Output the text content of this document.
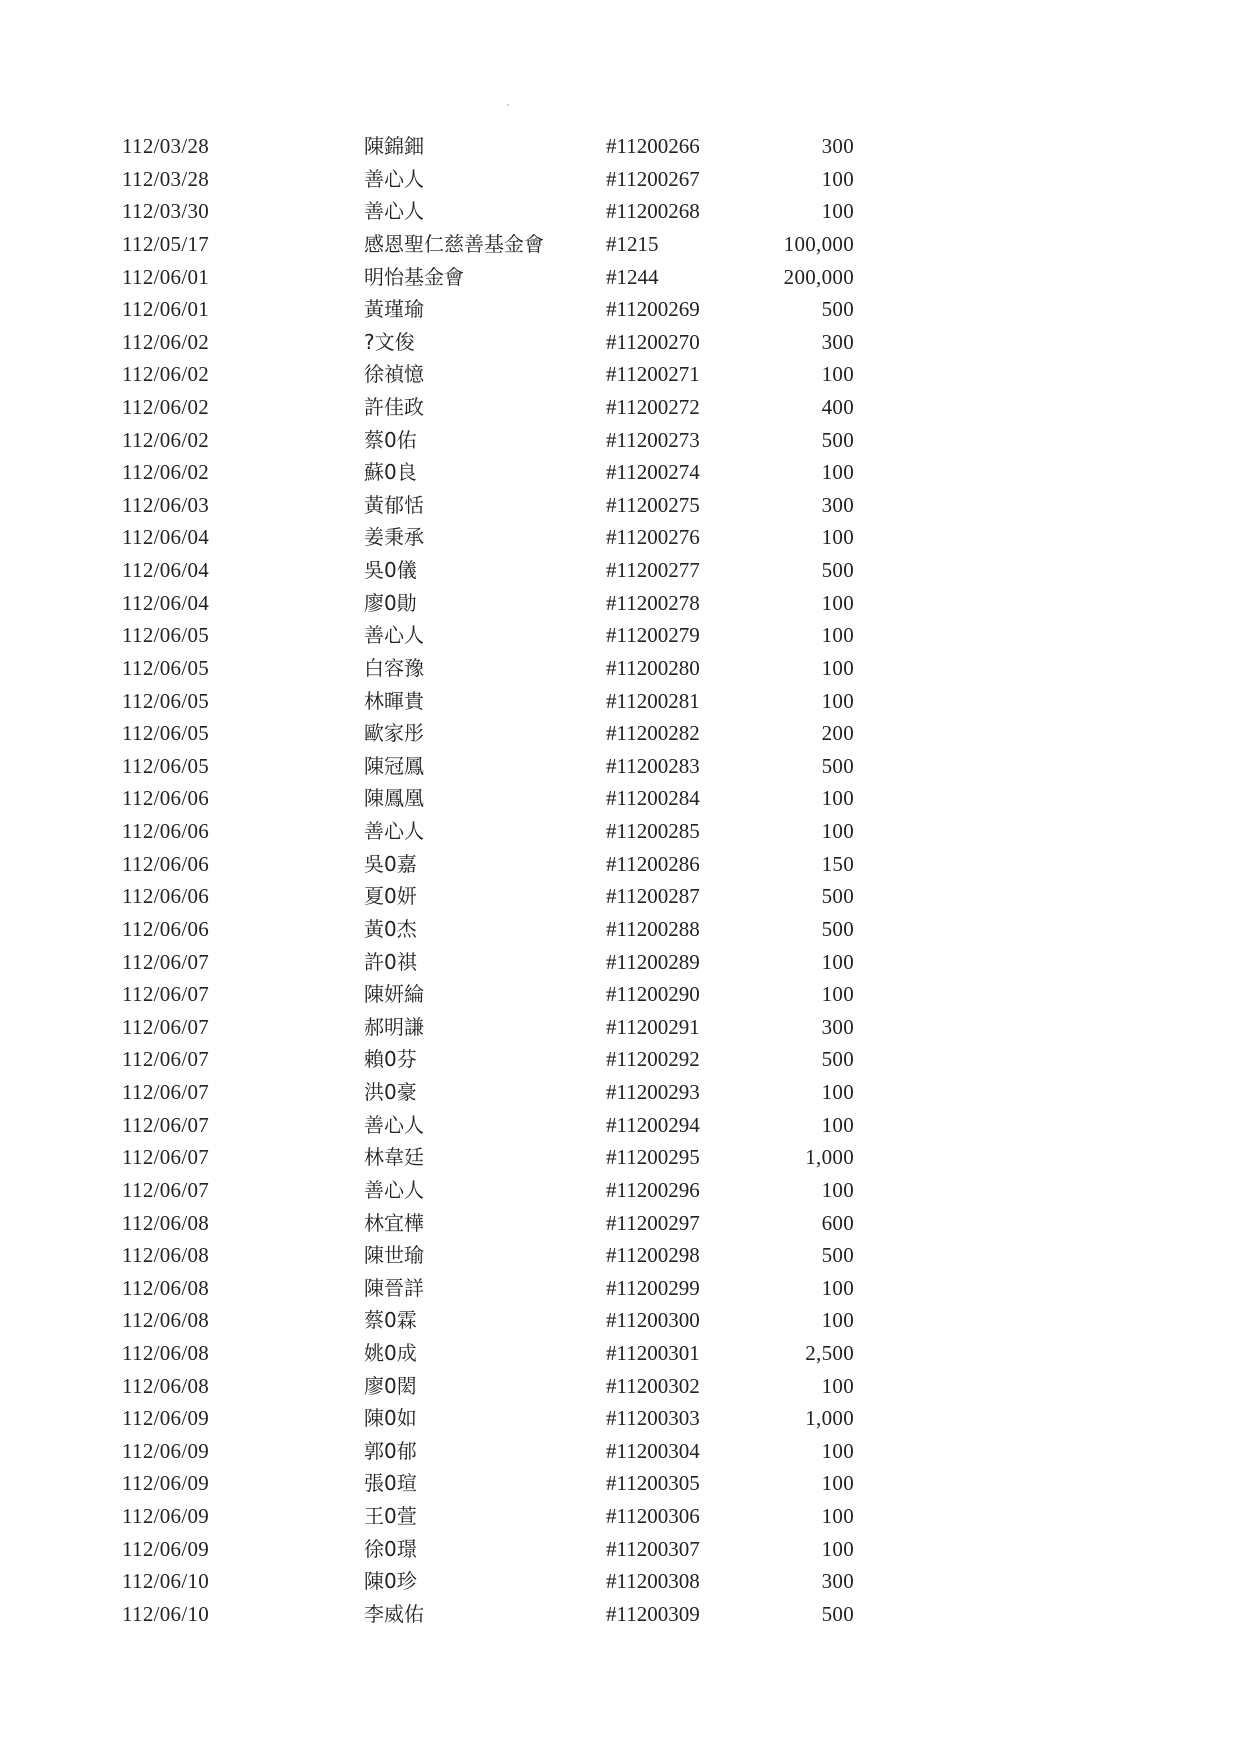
112/03/28	陳錦鈿	#11200266	300
112/03/28	善心人	#11200267	100
112/03/30	善心人	#11200268	100
112/05/17	感恩聖仁慈善基金會	#1215	100,000
112/06/01	明怡基金會	#1244	200,000
112/06/01	黃瑾瑜	#11200269	500
112/06/02	?文俊	#11200270	300
112/06/02	徐禎憶	#11200271	100
112/06/02	許佳政	#11200272	400
112/06/02	蔡0佑	#11200273	500
112/06/02	蘇0良	#11200274	100
112/06/03	黃郁恬	#11200275	300
112/06/04	姜秉承	#11200276	100
112/06/04	吳0儀	#11200277	500
112/06/04	廖0勛	#11200278	100
112/06/05	善心人	#11200279	100
112/06/05	白容豫	#11200280	100
112/06/05	林暉貴	#11200281	100
112/06/05	歐家彤	#11200282	200
112/06/05	陳冠鳳	#11200283	500
112/06/06	陳鳳凰	#11200284	100
112/06/06	善心人	#11200285	100
112/06/06	吳0嘉	#11200286	150
112/06/06	夏0妍	#11200287	500
112/06/06	黃0杰	#11200288	500
112/06/07	許0祺	#11200289	100
112/06/07	陳妍綸	#11200290	100
112/06/07	郝明謙	#11200291	300
112/06/07	賴0芬	#11200292	500
112/06/07	洪0豪	#11200293	100
112/06/07	善心人	#11200294	100
112/06/07	林韋廷	#11200295	1,000
112/06/07	善心人	#11200296	100
112/06/08	林宜樺	#11200297	600
112/06/08	陳世瑜	#11200298	500
112/06/08	陳晉詳	#11200299	100
112/06/08	蔡0霖	#11200300	100
112/06/08	姚0成	#11200301	2,500
112/06/08	廖0閎	#11200302	100
112/06/09	陳0如	#11200303	1,000
112/06/09	郭0郁	#11200304	100
112/06/09	張0瑄	#11200305	100
112/06/09	王0萱	#11200306	100
112/06/09	徐0璟	#11200307	100
112/06/10	陳0珍	#11200308	300
112/06/10	李威佑	#11200309	500
